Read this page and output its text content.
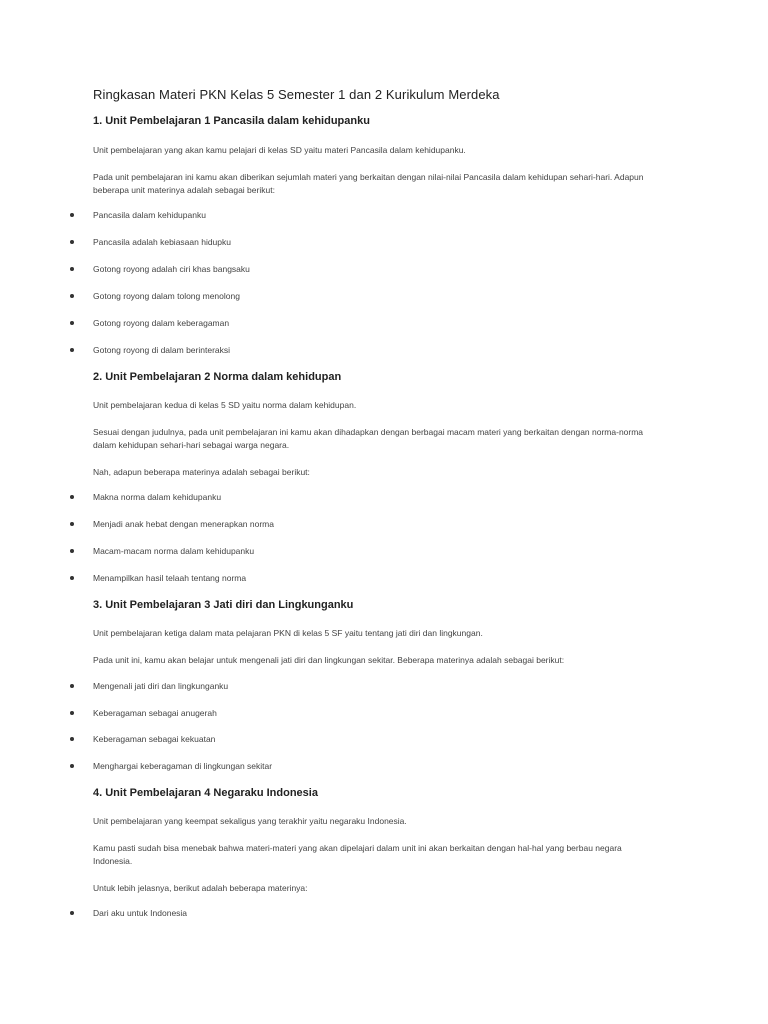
Ringkasan Materi PKN Kelas 5 Semester 1 dan 2 Kurikulum Merdeka
1. Unit Pembelajaran 1 Pancasila dalam kehidupanku

Unit pembelajaran yang akan kamu pelajari di kelas SD yaitu materi Pancasila dalam kehidupanku.

Pada unit pembelajaran ini kamu akan diberikan sejumlah materi yang berkaitan dengan nilai-nilai Pancasila dalam kehidupan sehari-hari. Adapun beberapa unit materinya adalah sebagai berikut:

Pancasila dalam kehidupanku
Pancasila adalah kebiasaan hidupku
Gotong royong adalah ciri khas bangsaku
Gotong royong dalam tolong menolong
Gotong royong dalam keberagaman
Gotong royong di dalam berinteraksi
2. Unit Pembelajaran 2 Norma dalam kehidupan

Unit pembelajaran kedua di kelas 5 SD yaitu norma dalam kehidupan.

Sesuai dengan judulnya, pada unit pembelajaran ini kamu akan dihadapkan dengan berbagai macam materi yang berkaitan dengan norma-norma dalam kehidupan sehari-hari sebagai warga negara.

Nah, adapun beberapa materinya adalah sebagai berikut:

Makna norma dalam kehidupanku
Menjadi anak hebat dengan menerapkan norma
Macam-macam norma dalam kehidupanku
Menampilkan hasil telaah tentang norma
3. Unit Pembelajaran 3 Jati diri dan Lingkunganku

Unit pembelajaran ketiga dalam mata pelajaran PKN di kelas 5 SF yaitu tentang jati diri dan lingkungan.

Pada unit ini, kamu akan belajar untuk mengenali jati diri dan lingkungan sekitar. Beberapa materinya adalah sebagai berikut:

Mengenali jati diri dan lingkunganku
Keberagaman sebagai anugerah
Keberagaman sebagai kekuatan
Menghargai keberagaman di lingkungan sekitar
4. Unit Pembelajaran 4 Negaraku Indonesia

Unit pembelajaran yang keempat sekaligus yang terakhir yaitu negaraku Indonesia.

Kamu pasti sudah bisa menebak bahwa materi-materi yang akan dipelajari dalam unit ini akan berkaitan dengan hal-hal yang berbau negara Indonesia.

Untuk lebih jelasnya, berikut adalah beberapa materinya:

Dari aku untuk Indonesia
